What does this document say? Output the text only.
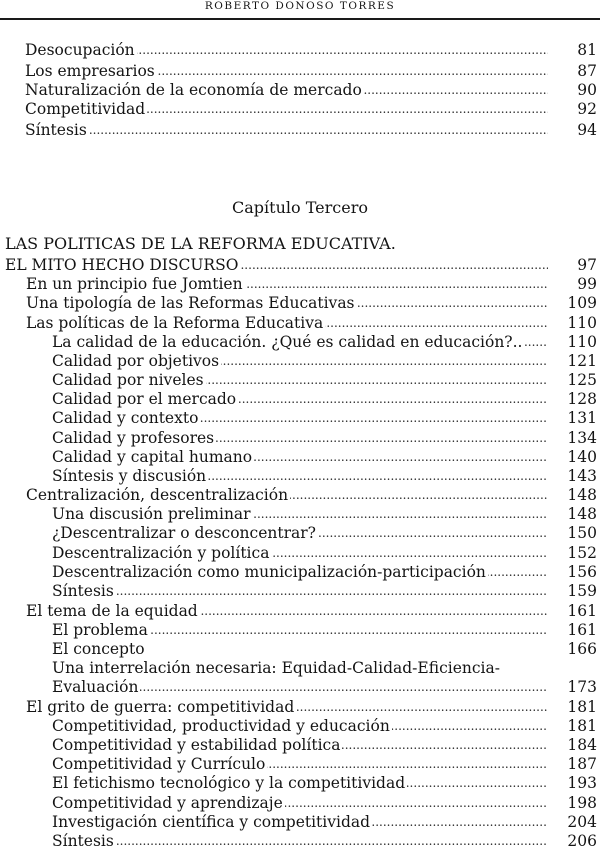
ROBERTO DONOSO TORRES
.....
Desocupación	81
.....
Los empresarios	87
.....
Naturalización de la economía de mercado	90
.....
Competitividad	92
.....
Síntesis	94
Capítulo Tercero
LAS POLITICAS DE LA REFORMA EDUCATIVA.
.....
EL MITO HECHO DISCURSO	97
.....
En un principio fue Jomtien	99
.....
Una tipología de las Reformas Educativas	109
.....
Las políticas de la Reforma Educativa	110
.....
La calidad de la educación. ¿Qué es calidad en educación?..	110
.....
Calidad por objetivos	121
.....
Calidad por niveles	125
.....
Calidad por el mercado	128
.....
Calidad y contexto	131
.....
Calidad y profesores	134
.....
Calidad y capital humano	140
.....
Síntesis y discusión	143
.....
Centralización, descentralización	148
.....
Una discusión preliminar	148
.....
¿Descentralizar o desconcentrar?	150
.....
Descentralización y política	152
.....
Descentralización como municipalización-participación	156
.....
Síntesis	159
.....
El tema de la equidad	161
.....
El problema	161
El concepto	166
Una interrelación necesaria: Equidad-Calidad-Eficiencia-
.....
Evaluación	173
.....
El grito de guerra: competitividad	181
.....
Competitividad, productividad y educación	181
.....
Competitividad y estabilidad política	184
.....
Competitividad y Currículo	187
.....
El fetichismo tecnológico y la competitividad	193
.....
Competitividad y aprendizaje	198
.....
Investigación científica y competitividad	204
.....
Síntesis	206
